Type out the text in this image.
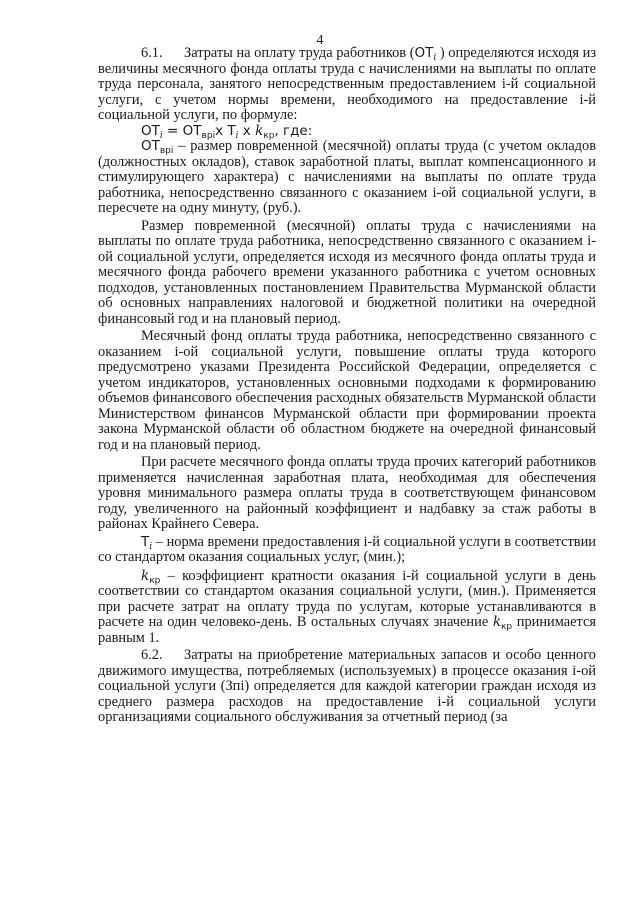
4

6.1. Затраты на оплату труда работников ($ОТ_i$ ) определяются исходя из величины месячного фонда оплаты труда с начислениями на выплаты по оплате труда персонала, занятого непосредственным предоставлением i-й социальной услуги, с учетом нормы времени, необходимого на предоставление i-й социальной услуги, по формуле:

$ОТ_i = ОТ_{врi}x$ $Т_i$ x $k_{кр}$, где:

$ОТ_{врi}$ – размер повременной (месячной) оплаты труда (с учетом окладов (должностных окладов), ставок заработной платы, выплат компенсационного и стимулирующего характера) с начислениями на выплаты по оплате труда работника, непосредственно связанного с оказанием i-ой социальной услуги, в пересчете на одну минуту, (руб.).

Размер повременной (месячной) оплаты труда с начислениями на выплаты по оплате труда работника, непосредственно связанного с оказанием i-ой социальной услуги, определяется исходя из месячного фонда оплаты труда и месячного фонда рабочего времени указанного работника с учетом основных подходов, установленных постановлением Правительства Мурманской области об основных направлениях налоговой и бюджетной политики на очередной финансовый год и на плановый период.

Месячный фонд оплаты труда работника, непосредственно связанного с оказанием i-ой социальной услуги, повышение оплаты труда которого предусмотрено указами Президента Российской Федерации, определяется с учетом индикаторов, установленных основными подходами к формированию объемов финансового обеспечения расходных обязательств Мурманской области Министерством финансов Мурманской области при формировании проекта закона Мурманской области об областном бюджете на очередной финансовый год и на плановый период.

При расчете месячного фонда оплаты труда прочих категорий работников применяется начисленная заработная плата, необходимая для обеспечения уровня минимального размера оплаты труда в соответствующем финансовом году, увеличенного на районный коэффициент и надбавку за стаж работы в районах Крайнего Севера.

$Т_i$ – норма времени предоставления i-й социальной услуги в соответствии со стандартом оказания социальных услуг, (мин.);

$k_{кр}$ – коэффициент кратности оказания i-й социальной услуги в день соответствии со стандартом оказания социальной услуги, (мин.). Применяется при расчете затрат на оплату труда по услугам, которые устанавливаются в расчете на один человеко-день. В остальных случаях значение $k_{кр}$ принимается равным 1.

6.2. Затраты на приобретение материальных запасов и особо ценного движимого имущества, потребляемых (используемых) в процессе оказания i-ой социальной услуги (Зпi) определяется для каждой категории граждан исходя из среднего размера расходов на предоставление i-й социальной услуги организациями социального обслуживания за отчетный период (за
